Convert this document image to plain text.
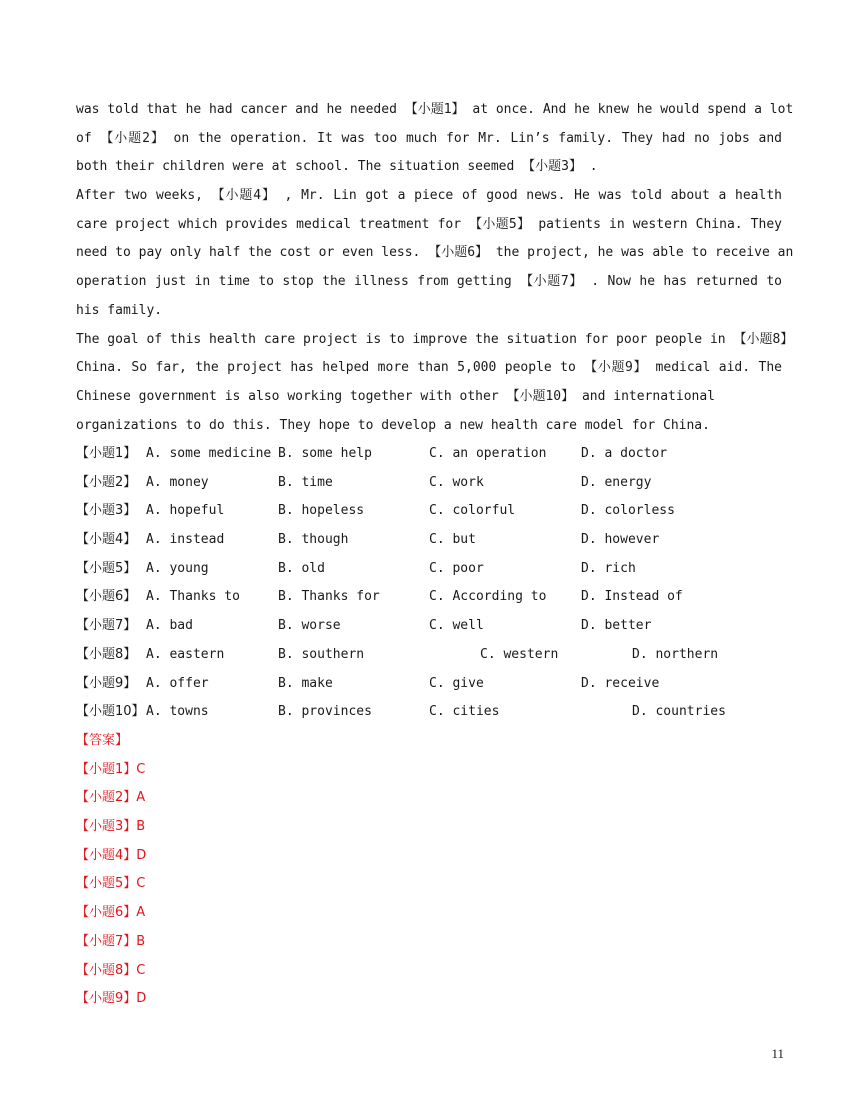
was told that he had cancer and he needed 【小题1】 at once. And he knew he would spend a lot
of 【小题2】 on the operation. It was too much for Mr. Lin’s family. They had no jobs and
both their children were at school. The situation seemed 【小题3】 .
After two weeks, 【小题4】 , Mr. Lin got a piece of good news. He was told about a health
care project which provides medical treatment for 【小题5】 patients in western China. They
need to pay only half the cost or even less. 【小题6】 the project, he was able to receive an
operation just in time to stop the illness from getting 【小题7】 . Now he has returned to
his family.
The goal of this health care project is to improve the situation for poor people in 【小题8】
China. So far, the project has helped more than 5,000 people to 【小题9】 medical aid. The
Chinese government is also working together with other 【小题10】 and international
organizations to do this. They hope to develop a new health care model for China.
【小题1】 A. some medicine B. some help	C. an operation	D. a doctor
【小题2】 A. money	B. time	C. work	D. energy
【小题3】 A. hopeful	B. hopeless	C. colorful	D. colorless
【小题4】 A. instead	B. though	C. but	D. however
【小题5】 A. young	B. old	C. poor	D. rich
【小题6】 A. Thanks to	B. Thanks for	C. According to	D. Instead of
【小题7】 A. bad	B. worse	C. well	D. better
【小题8】 A. eastern	B. southern	C. western	D. northern
【小题9】 A. offer	B. make	C. give	D. receive
【小题10】 A. towns	B. provinces	C. cities	D. countries
【答案】
【小题1】C
【小题2】A
【小题3】B
【小题4】D
【小题5】C
【小题6】A
【小题7】B
【小题8】C
【小题9】D
11
